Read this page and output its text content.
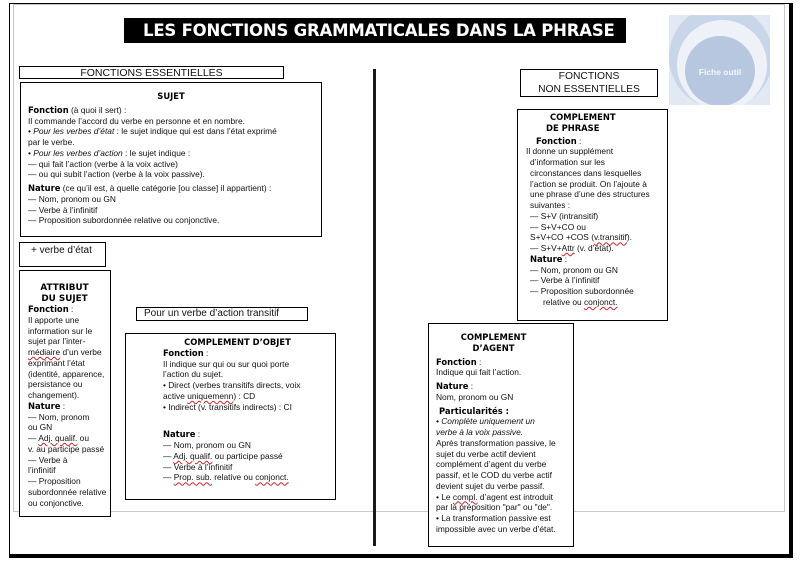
LES FONCTIONS GRAMMATICALES DANS LA PHRASE
Fiche outil
FONCTIONS ESSENTIELLES
SUJET
Fonction (à quoi il sert) :
Il commande l’accord du verbe en personne et en nombre.
• Pour les verbes d’état : le sujet indique qui est dans l’état exprimé
par le verbe.
• Pour les verbes d’action : le sujet indique :
— qui fait l’action (verbe à la voix active)
— ou qui subit l’action (verbe à la voix passive).
Nature (ce qu’il est, à quelle catégorie [ou classe] il appartient) :
— Nom, pronom ou GN
— Verbe à l’infinitif
— Proposition subordonnée relative ou conjonctive.
+ verbe d’état
ATTRIBUT
DU SUJET
Fonction :
Il apporte une
information sur le
sujet par l’inter-
médiaire d’un verbe
exprimant l’état
(identité, apparence,
persistance ou
changement).
Nature :
— Nom, pronom
ou GN
— Adj. qualif. ou
v. au participe passé
— Verbe à
l’infinitif
— Proposition
subordonnée relative
ou conjonctive.
Pour un verbe d’action transitif
COMPLEMENT D’OBJET
Fonction :
Il indique sur qui ou sur quoi porte
l’action du sujet.
• Direct (verbes transitifs directs, voix
active uniquemenn) : CD
• Indirect (v. transitifs indirects) : CI
Nature :
— Nom, pronom ou GN
— Adj. qualif. ou participe passé
— Verbe à l’infinitif
— Prop. sub. relative ou conjonct.
FONCTIONS
NON ESSENTIELLES
COMPLEMENT
DE PHRASE
Fonction :
Il donne un supplément
d’information sur les
circonstances dans lesquelles
l’action se produit. On l’ajoute à
une phrase d’une des structures
suivantes :
— S+V (intransitif)
— S+V+CO ou
S+V+CO +COS (v.transitif).
— S+V+Attr (v. d’état).
Nature :
— Nom, pronom ou GN
— Verbe à l’infinitif
— Proposition subordonnée
relative ou conjonct.
COMPLEMENT
D’AGENT
Fonction :
Indique qui fait l’action.
Nature :
Nom, pronom ou GN
Particularités :
• Complète uniquement un
verbe à la voix passive.
Après transformation passive, le
sujet du verbe actif devient
complément d’agent du verbe
passif, et le COD du verbe actif
devient sujet du verbe passif.
• Le compl. d’agent est introduit
par la préposition "par" ou "de".
• La transformation passive est
impossible avec un verbe d’état.
